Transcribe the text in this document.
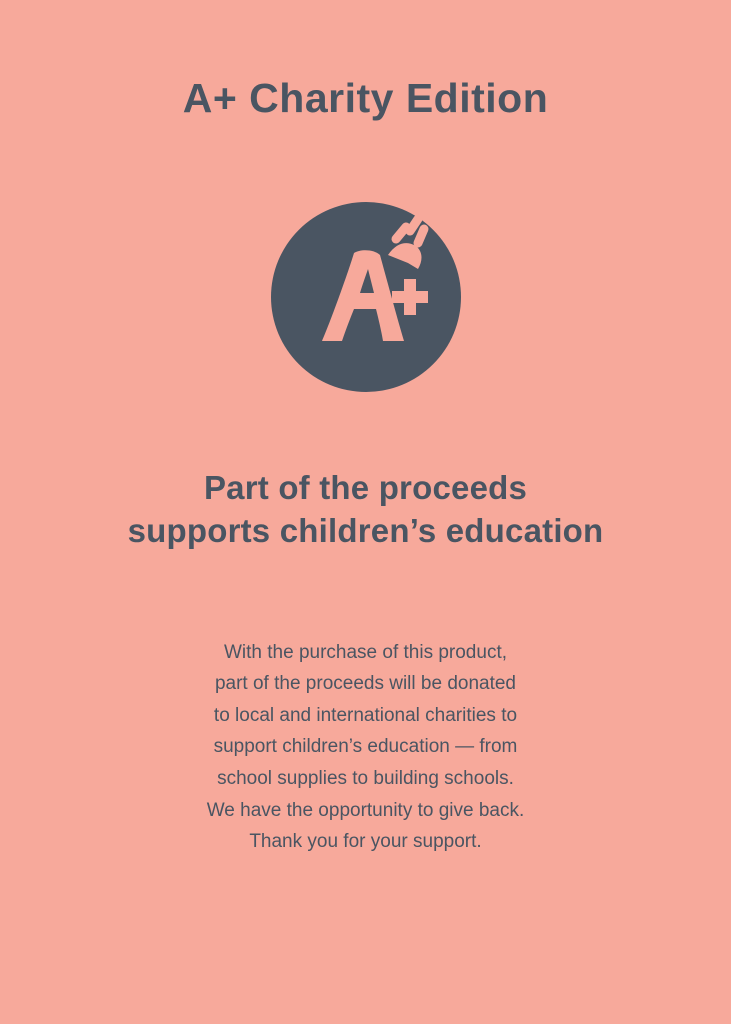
A+ Charity Edition
Part of the proceeds
supports children’s education
With the purchase of this product,
part of the proceeds will be donated
to local and international charities to
support children’s education — from
school supplies to building schools.
We have the opportunity to give back.
Thank you for your support.
